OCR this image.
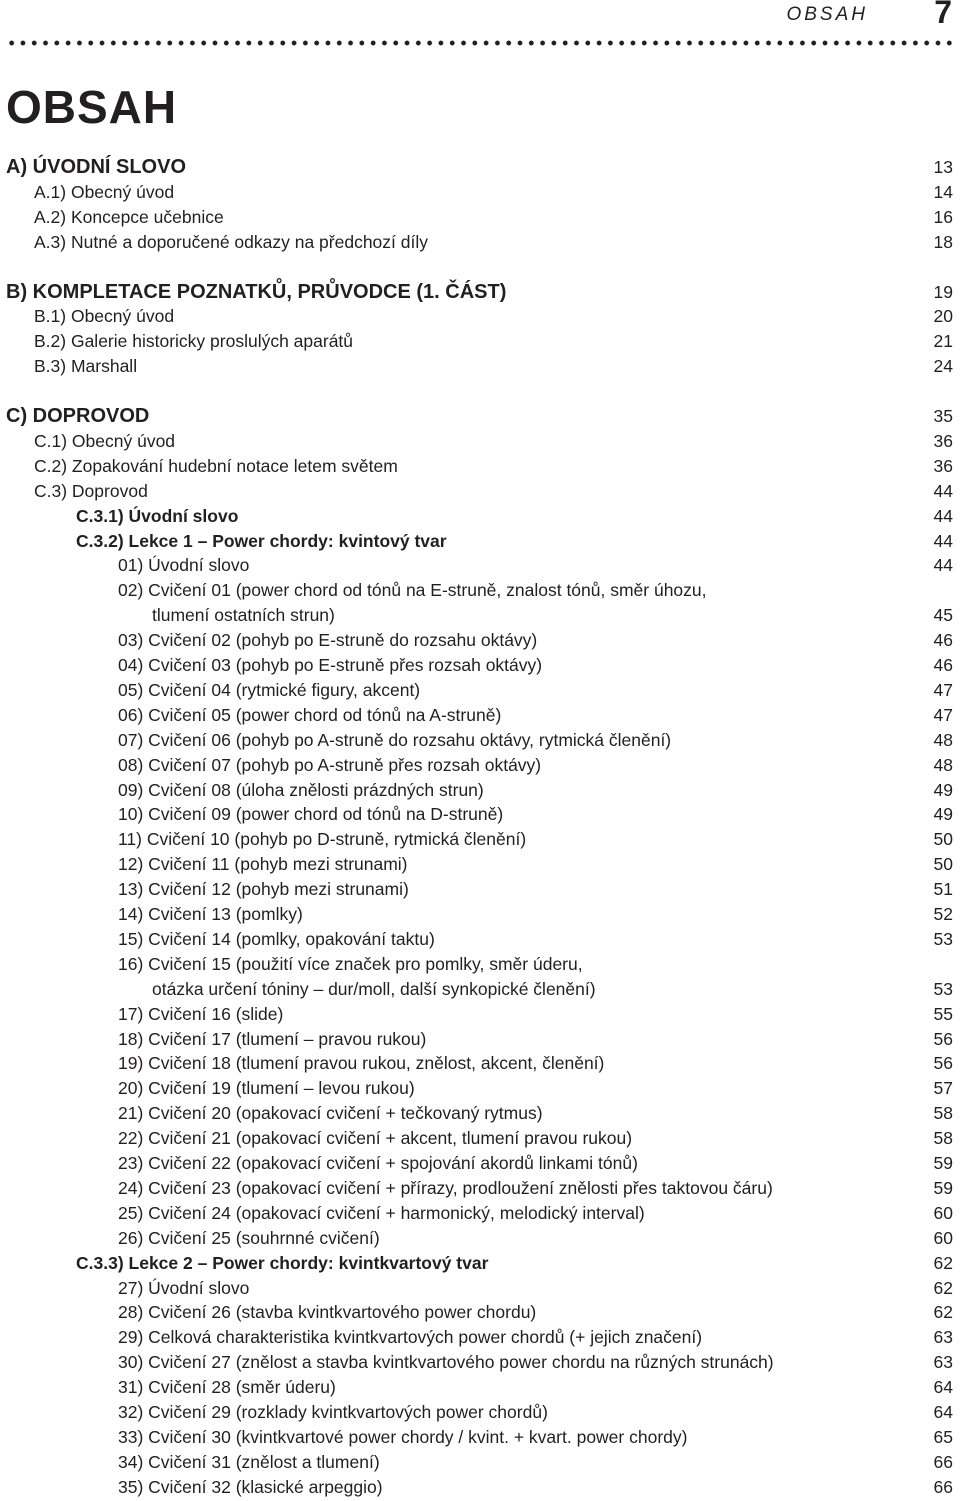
OBSAH 7
OBSAH
A) ÚVODNÍ SLOVO	13
A.1) Obecný úvod	14
A.2) Koncepce učebnice	16
A.3) Nutné a doporučené odkazy na předchozí díly	18
B) KOMPLETACE POZNATKŮ, PRŮVODCE (1. ČÁST)	19
B.1) Obecný úvod	20
B.2) Galerie historicky proslulých aparátů	21
B.3) Marshall	24
C) DOPROVOD	35
C.1) Obecný úvod	36
C.2) Zopakování hudební notace letem světem	36
C.3) Doprovod	44
C.3.1) Úvodní slovo	44
C.3.2) Lekce 1 – Power chordy: kvintový tvar	44
01) Úvodní slovo	44
02) Cvičení 01 (power chord od tónů na E-struně, znalost tónů, směr úhozu,
tlumení ostatních strun)	45
03) Cvičení 02 (pohyb po E-struně do rozsahu oktávy)	46
04) Cvičení 03 (pohyb po E-struně přes rozsah oktávy)	46
05) Cvičení 04 (rytmické figury, akcent)	47
06) Cvičení 05 (power chord od tónů na A-struně)	47
07) Cvičení 06 (pohyb po A-struně do rozsahu oktávy, rytmická členění)	48
08) Cvičení 07 (pohyb po A-struně přes rozsah oktávy)	48
09) Cvičení 08 (úloha znělosti prázdných strun)	49
10) Cvičení 09 (power chord od tónů na D-struně)	49
11) Cvičení 10 (pohyb po D-struně, rytmická členění)	50
12) Cvičení 11 (pohyb mezi strunami)	50
13) Cvičení 12 (pohyb mezi strunami)	51
14) Cvičení 13 (pomlky)	52
15) Cvičení 14 (pomlky, opakování taktu)	53
16) Cvičení 15 (použití více značek pro pomlky, směr úderu,
otázka určení tóniny – dur/moll, další synkopické členění)	53
17) Cvičení 16 (slide)	55
18) Cvičení 17 (tlumení – pravou rukou)	56
19) Cvičení 18 (tlumení pravou rukou, znělost, akcent, členění)	56
20) Cvičení 19 (tlumení – levou rukou)	57
21) Cvičení 20 (opakovací cvičení + tečkovaný rytmus)	58
22) Cvičení 21 (opakovací cvičení + akcent, tlumení pravou rukou)	58
23) Cvičení 22 (opakovací cvičení + spojování akordů linkami tónů)	59
24) Cvičení 23 (opakovací cvičení + přírazy, prodloužení znělosti přes taktovou čáru)	59
25) Cvičení 24 (opakovací cvičení + harmonický, melodický interval)	60
26) Cvičení 25 (souhrnné cvičení)	60
C.3.3) Lekce 2 – Power chordy: kvintkvartový tvar	62
27) Úvodní slovo	62
28) Cvičení 26 (stavba kvintkvartového power chordu)	62
29) Celková charakteristika kvintkvartových power chordů (+ jejich značení)	63
30) Cvičení 27 (znělost a stavba kvintkvartového power chordu na různých strunách)	63
31) Cvičení 28 (směr úderu)	64
32) Cvičení 29 (rozklady kvintkvartových power chordů)	64
33) Cvičení 30 (kvintkvartové power chordy / kvint. + kvart. power chordy)	65
34) Cvičení 31 (znělost a tlumení)	66
35) Cvičení 32 (klasické arpeggio)	66
